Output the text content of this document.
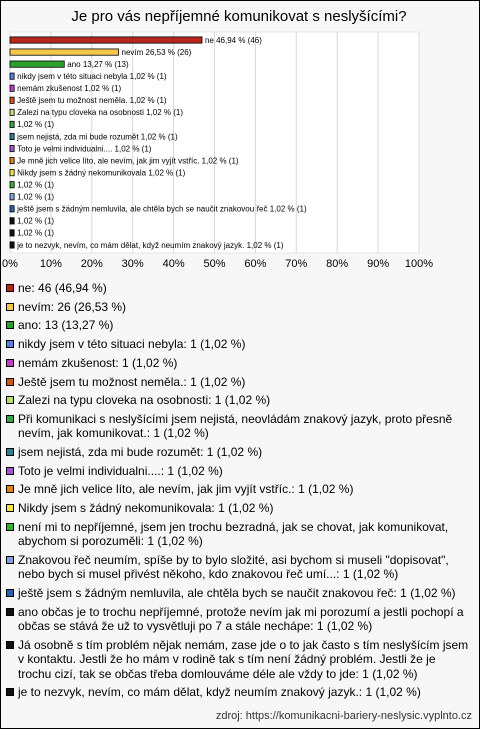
Je pro vás nepříjemné komunikovat s neslyšícími?
0% 10% 20% 30% 40% 50% 60% 70% 80% 90% 100%
ne 46,94 % (46)
nevím 26,53 % (26)
ano 13,27 % (13)
nikdy jsem v této situaci nebyla 1,02 % (1)
nemám zkušenost 1,02 % (1)
Ještě jsem tu možnost neměla. 1,02 % (1)
Zalezi na typu cloveka na osobnosti 1,02 % (1)
1,02 % (1)
jsem nejistá, zda mi bude rozumět 1,02 % (1)
Toto je velmi individualni.... 1,02 % (1)
Je mně jich velice líto, ale nevím, jak jim vyjít vstříc. 1,02 % (1)
Nikdy jsem s žádný nekomunikovala 1,02 % (1)
1,02 % (1)
1,02 % (1)
ještě jsem s žádným nemluvila, ale chtěla bych se naučit znakovou řeč 1,02 % (1)
1,02 % (1)
1,02 % (1)
je to nezvyk, nevím, co mám dělat, když neumím znakový jazyk. 1,02 % (1)
ne: 46 (46,94 %)
nevím: 26 (26,53 %)
ano: 13 (13,27 %)
nikdy jsem v této situaci nebyla: 1 (1,02 %)
nemám zkušenost: 1 (1,02 %)
Ještě jsem tu možnost neměla.: 1 (1,02 %)
Zalezi na typu cloveka na osobnosti: 1 (1,02 %)
Při komunikaci s neslyšícími jsem nejistá, neovládám znakový jazyk, proto přesně nevím, jak komunikovat.: 1 (1,02 %)
jsem nejistá, zda mi bude rozumět: 1 (1,02 %)
Toto je velmi individualni....: 1 (1,02 %)
Je mně jich velice líto, ale nevím, jak jim vyjít vstříc.: 1 (1,02 %)
Nikdy jsem s žádný nekomunikovala: 1 (1,02 %)
není mi to nepříjemné, jsem jen trochu bezradná, jak se chovat, jak komunikovat, abychom si porozuměli: 1 (1,02 %)
Znakovou řeč neumím, spíše by to bylo složité, asi bychom si museli "dopisovat", nebo bych si musel přivést někoho, kdo znakovou řeč umí...: 1 (1,02 %)
ještě jsem s žádným nemluvila, ale chtěla bych se naučit znakovou řeč: 1 (1,02 %)
ano občas je to trochu nepříjemné, protože nevím jak mi porozumí a jestli pochopí a občas se stává že už to vysvětluji po 7 a stále nechápe: 1 (1,02 %)
Já osobně s tím problém nějak nemám, zase jde o to jak často s tím neslyšícím jsem v kontaktu. Jestli že ho mám v rodině tak s tím není žádný problém. Jestli že je trochu cizí, tak se občas třeba domlouváme déle ale vždy to jde: 1 (1,02 %)
je to nezvyk, nevím, co mám dělat, když neumím znakový jazyk.: 1 (1,02 %)
zdroj: https://komunikacni-bariery-neslysic.vyplnto.cz
